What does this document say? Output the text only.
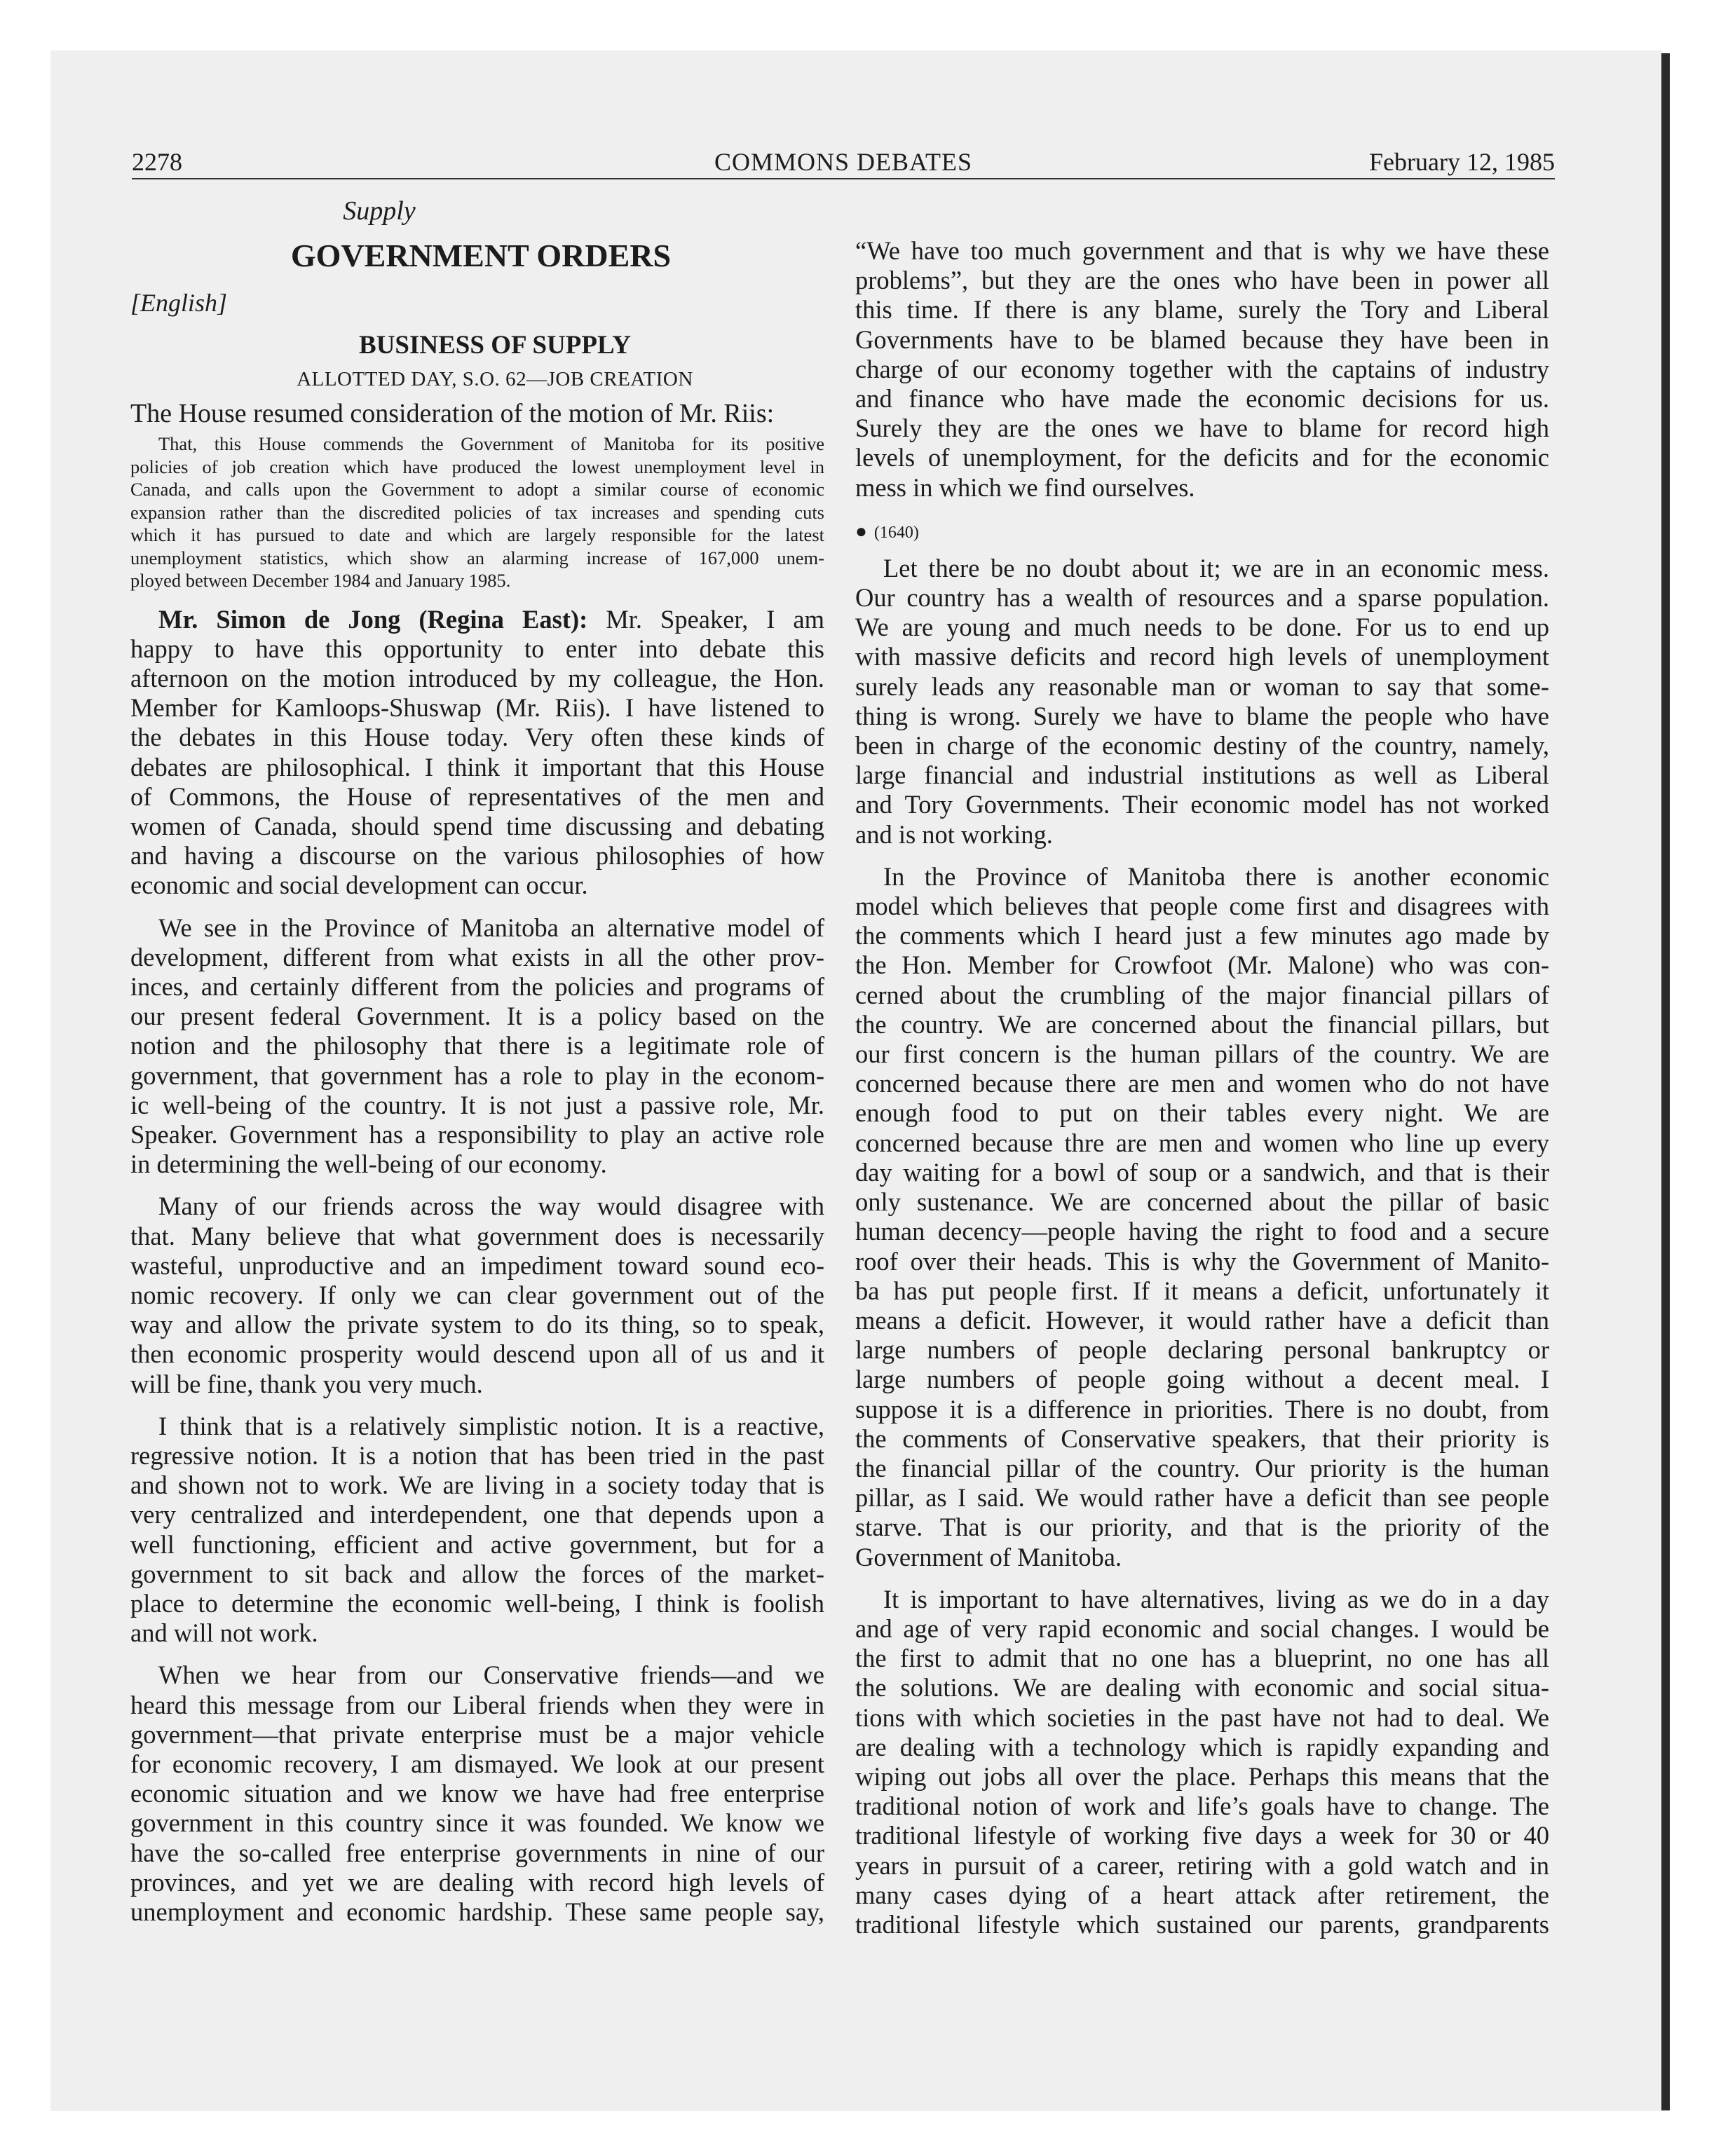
2278	COMMONS DEBATES	February 12, 1985
Supply
GOVERNMENT ORDERS
[English]
BUSINESS OF SUPPLY
ALLOTTED DAY, S.O. 62—JOB CREATION
The House resumed consideration of the motion of Mr. Riis:
That, this House commends the Government of Manitoba for its positive
policies of job creation which have produced the lowest unemployment level in
Canada, and calls upon the Government to adopt a similar course of economic
expansion rather than the discredited policies of tax increases and spending cuts
which it has pursued to date and which are largely responsible for the latest
unemployment statistics, which show an alarming increase of 167,000 unem-
ployed between December 1984 and January 1985.
Mr. Simon de Jong (Regina East): Mr. Speaker, I am
happy to have this opportunity to enter into debate this
afternoon on the motion introduced by my colleague, the Hon.
Member for Kamloops-Shuswap (Mr. Riis). I have listened to
the debates in this House today. Very often these kinds of
debates are philosophical. I think it important that this House
of Commons, the House of representatives of the men and
women of Canada, should spend time discussing and debating
and having a discourse on the various philosophies of how
economic and social development can occur.
We see in the Province of Manitoba an alternative model of
development, different from what exists in all the other prov-
inces, and certainly different from the policies and programs of
our present federal Government. It is a policy based on the
notion and the philosophy that there is a legitimate role of
government, that government has a role to play in the econom-
ic well-being of the country. It is not just a passive role, Mr.
Speaker. Government has a responsibility to play an active role
in determining the well-being of our economy.
Many of our friends across the way would disagree with
that. Many believe that what government does is necessarily
wasteful, unproductive and an impediment toward sound eco-
nomic recovery. If only we can clear government out of the
way and allow the private system to do its thing, so to speak,
then economic prosperity would descend upon all of us and it
will be fine, thank you very much.
I think that is a relatively simplistic notion. It is a reactive,
regressive notion. It is a notion that has been tried in the past
and shown not to work. We are living in a society today that is
very centralized and interdependent, one that depends upon a
well functioning, efficient and active government, but for a
government to sit back and allow the forces of the market-
place to determine the economic well-being, I think is foolish
and will not work.
When we hear from our Conservative friends—and we
heard this message from our Liberal friends when they were in
government—that private enterprise must be a major vehicle
for economic recovery, I am dismayed. We look at our present
economic situation and we know we have had free enterprise
government in this country since it was founded. We know we
have the so-called free enterprise governments in nine of our
provinces, and yet we are dealing with record high levels of
unemployment and economic hardship. These same people say,
“We have too much government and that is why we have these
problems”, but they are the ones who have been in power all
this time. If there is any blame, surely the Tory and Liberal
Governments have to be blamed because they have been in
charge of our economy together with the captains of industry
and finance who have made the economic decisions for us.
Surely they are the ones we have to blame for record high
levels of unemployment, for the deficits and for the economic
mess in which we find ourselves.
● (1640)
Let there be no doubt about it; we are in an economic mess.
Our country has a wealth of resources and a sparse population.
We are young and much needs to be done. For us to end up
with massive deficits and record high levels of unemployment
surely leads any reasonable man or woman to say that some-
thing is wrong. Surely we have to blame the people who have
been in charge of the economic destiny of the country, namely,
large financial and industrial institutions as well as Liberal
and Tory Governments. Their economic model has not worked
and is not working.
In the Province of Manitoba there is another economic
model which believes that people come first and disagrees with
the comments which I heard just a few minutes ago made by
the Hon. Member for Crowfoot (Mr. Malone) who was con-
cerned about the crumbling of the major financial pillars of
the country. We are concerned about the financial pillars, but
our first concern is the human pillars of the country. We are
concerned because there are men and women who do not have
enough food to put on their tables every night. We are
concerned because thre are men and women who line up every
day waiting for a bowl of soup or a sandwich, and that is their
only sustenance. We are concerned about the pillar of basic
human decency—people having the right to food and a secure
roof over their heads. This is why the Government of Manito-
ba has put people first. If it means a deficit, unfortunately it
means a deficit. However, it would rather have a deficit than
large numbers of people declaring personal bankruptcy or
large numbers of people going without a decent meal. I
suppose it is a difference in priorities. There is no doubt, from
the comments of Conservative speakers, that their priority is
the financial pillar of the country. Our priority is the human
pillar, as I said. We would rather have a deficit than see people
starve. That is our priority, and that is the priority of the
Government of Manitoba.
It is important to have alternatives, living as we do in a day
and age of very rapid economic and social changes. I would be
the first to admit that no one has a blueprint, no one has all
the solutions. We are dealing with economic and social situa-
tions with which societies in the past have not had to deal. We
are dealing with a technology which is rapidly expanding and
wiping out jobs all over the place. Perhaps this means that the
traditional notion of work and life’s goals have to change. The
traditional lifestyle of working five days a week for 30 or 40
years in pursuit of a career, retiring with a gold watch and in
many cases dying of a heart attack after retirement, the
traditional lifestyle which sustained our parents, grandparents
